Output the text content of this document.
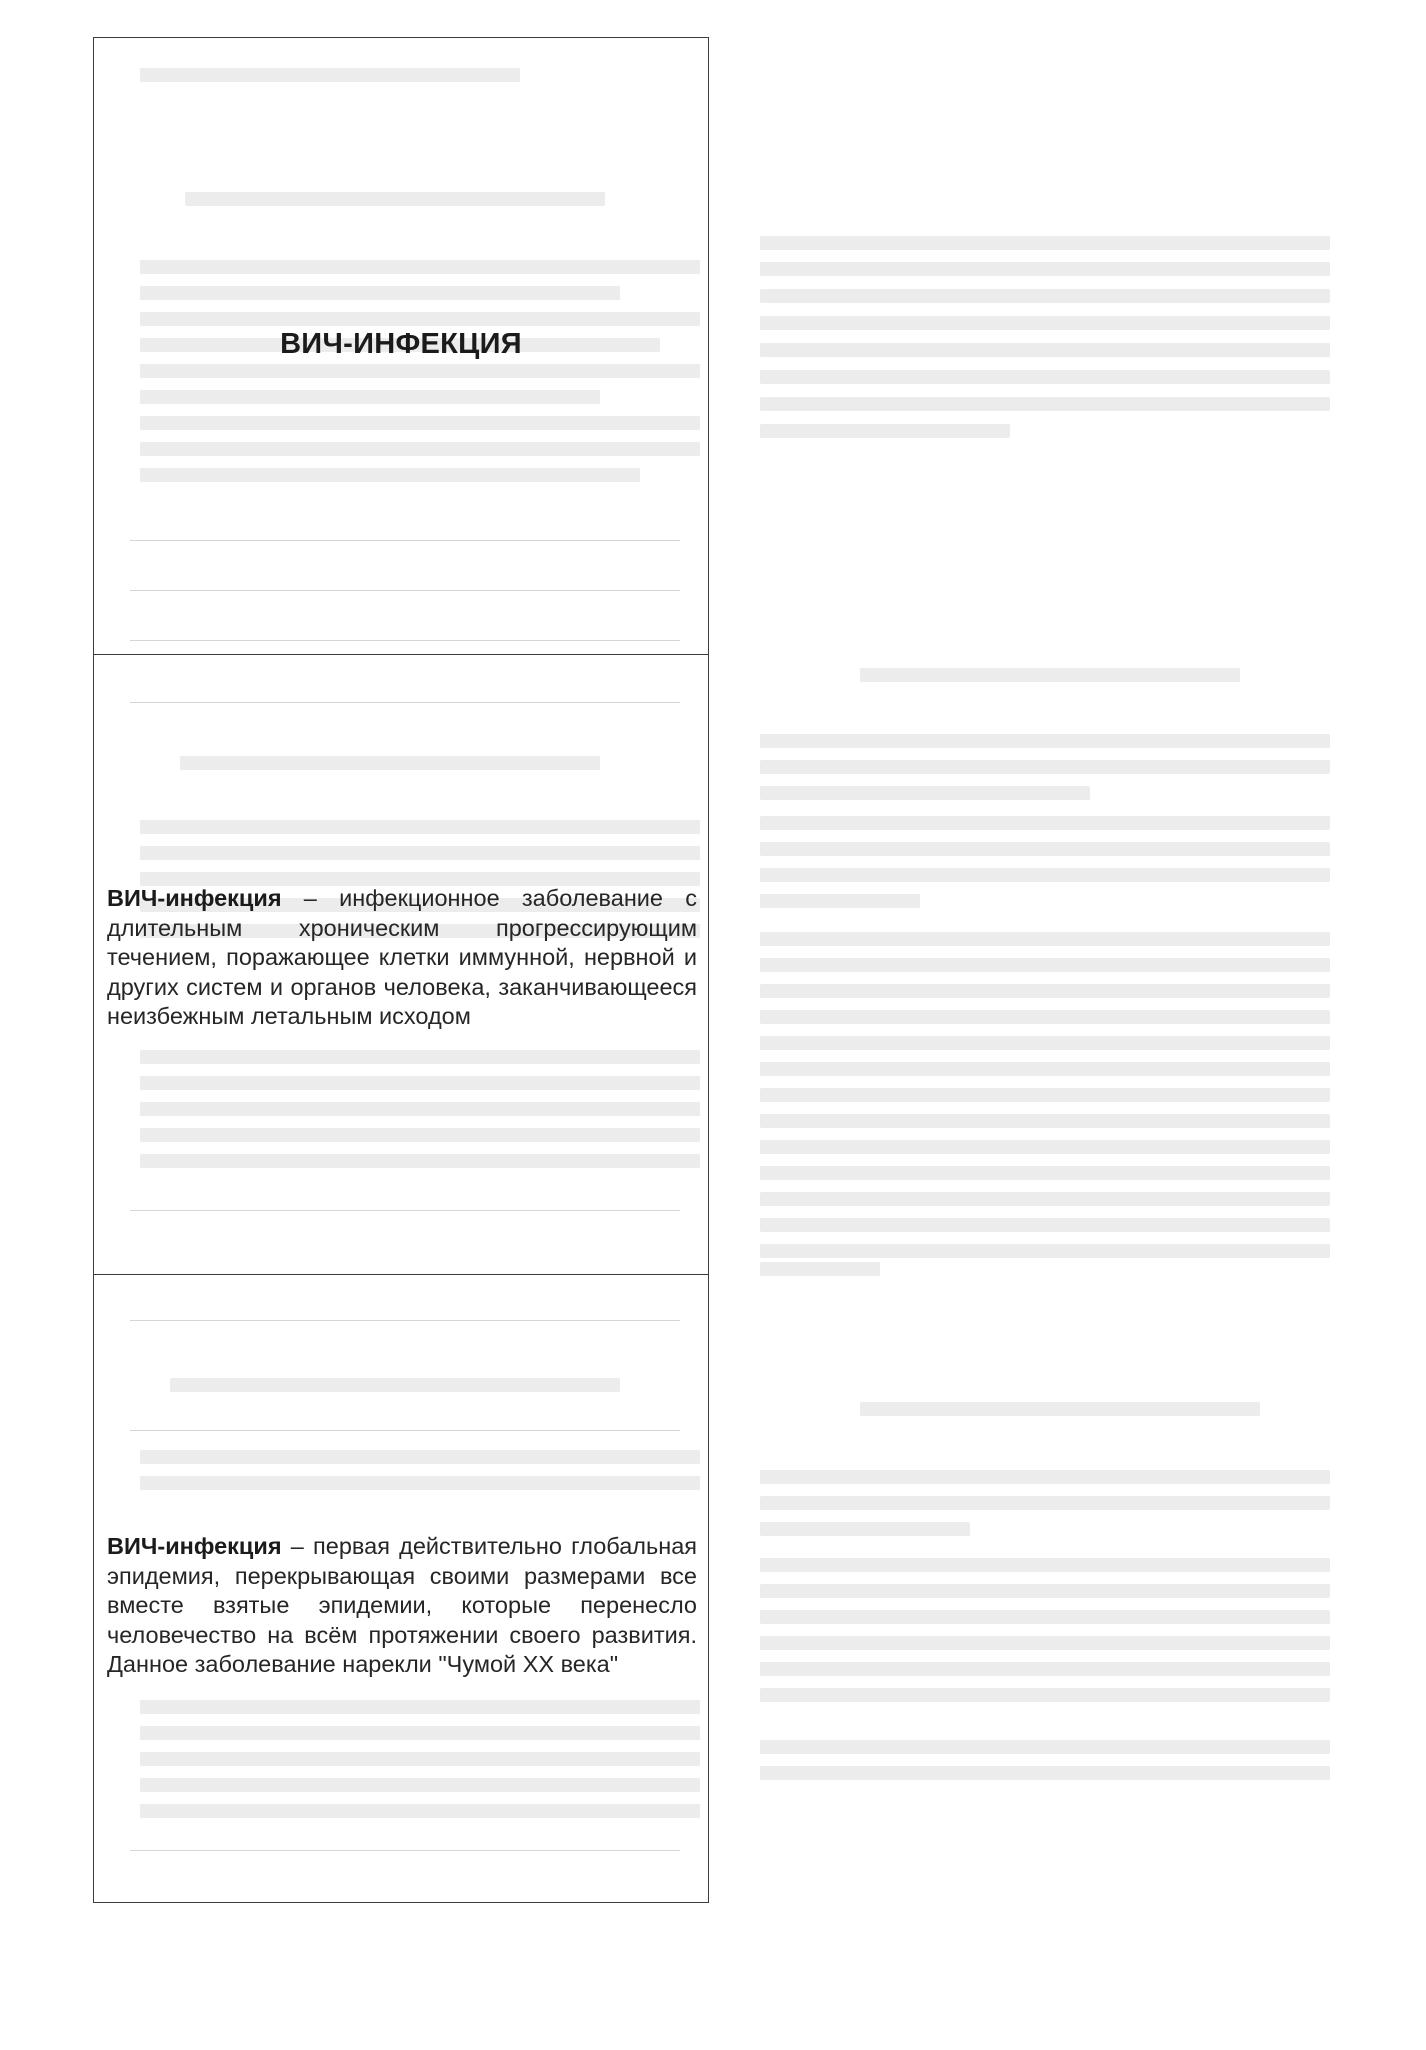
ВИЧ-ИНФЕКЦИЯ
ВИЧ-инфекция – инфекционное заболевание с длительным хроническим прогрессирующим течением, поражающее клетки иммунной, нервной и других систем и органов человека, заканчивающееся неизбежным летальным исходом
ВИЧ-инфекция – первая действительно глобальная эпидемия, перекрывающая своими размерами все вместе взятые эпидемии, которые перенесло человечество на всём протяжении своего развития. Данное заболевание нарекли "Чумой ХХ века"
